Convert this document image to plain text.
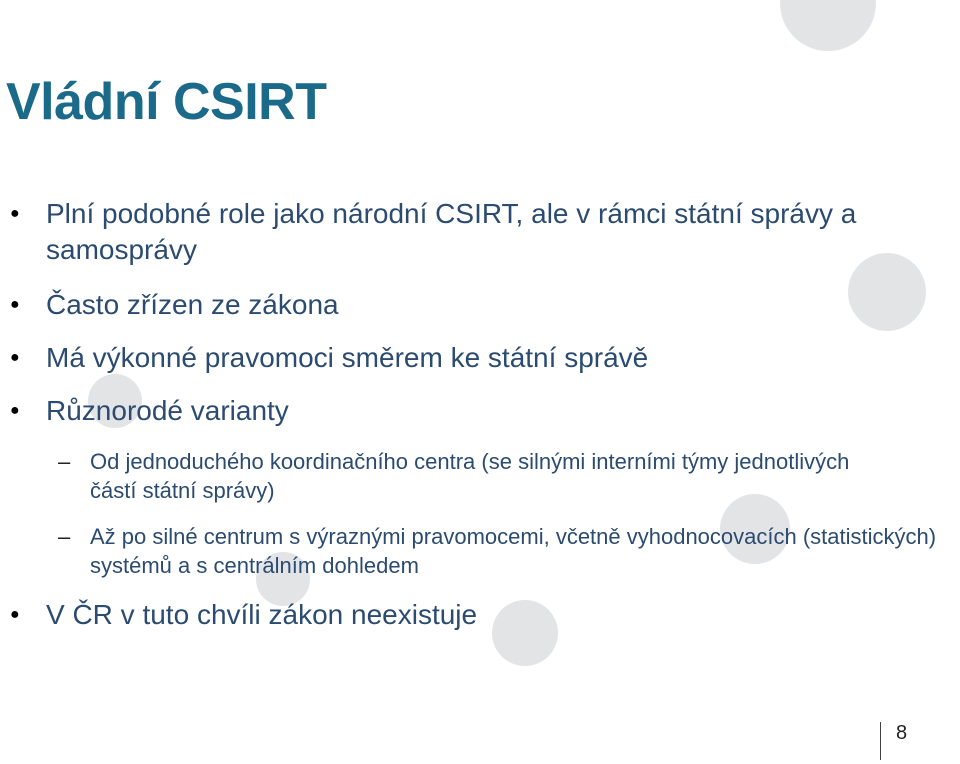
Vládní CSIRT
● Plní podobné role jako národní CSIRT, ale v rámci státní správy a samosprávy
● Často zřízen ze zákona
● Má výkonné pravomoci směrem ke státní správě
● Různorodé varianty
– Od jednoduchého koordinačního centra (se silnými interními týmy jednotlivých částí státní správy)
– Až po silné centrum s výraznými pravomocemi, včetně vyhodnocovacích (statistických) systémů a s centrálním dohledem
● V ČR v tuto chvíli zákon neexistuje
8
